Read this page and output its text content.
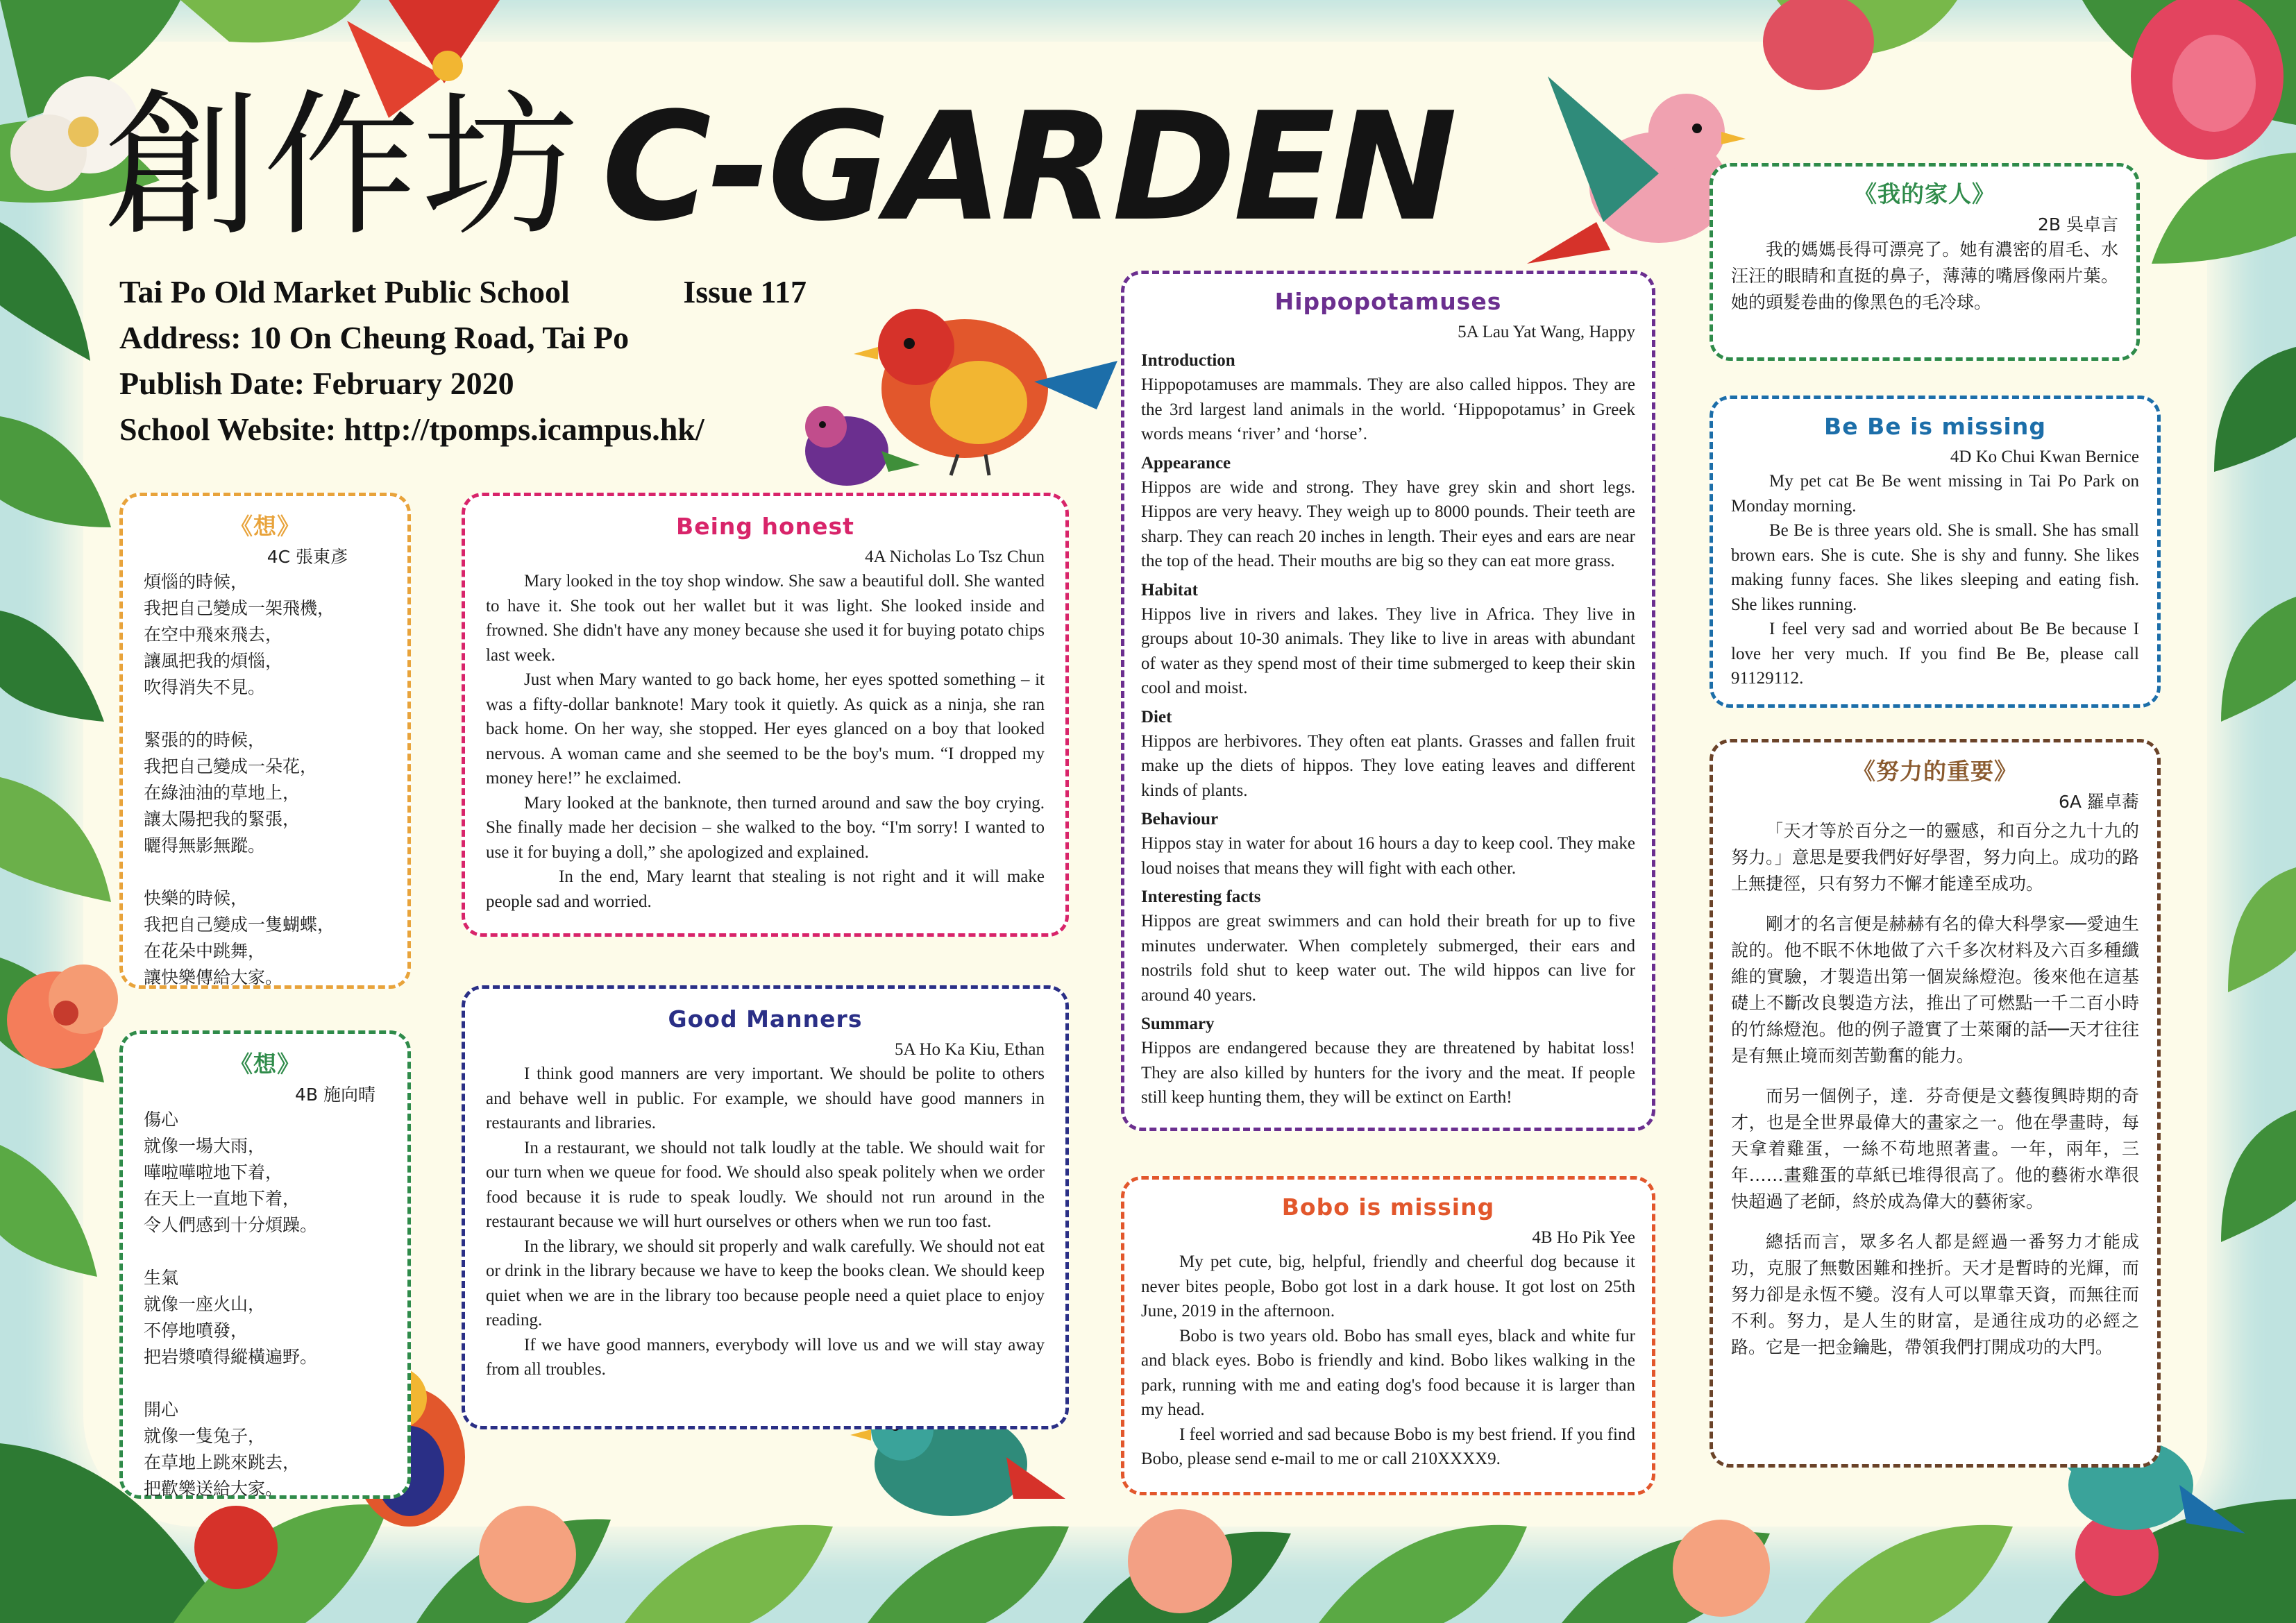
創作坊 C-GARDEN
Tai Po Old Market Public School	Issue 117
Address: 10 On Cheung Road, Tai Po
Publish Date: February 2020
School Website: http://tpomps.icampus.hk/
《想》
4C 張東彥
煩惱的時候，
我把自己變成一架飛機，
在空中飛來飛去，
讓風把我的煩惱，
吹得消失不見。
緊張的的時候，
我把自己變成一朵花，
在綠油油的草地上，
讓太陽把我的緊張，
曬得無影無蹤。
快樂的時候，
我把自己變成一隻蝴蝶，
在花朵中跳舞，
讓快樂傳給大家。
《想》
4B 施向晴
傷心
就像一場大雨，
嘩啦嘩啦地下着，
在天上一直地下着，
令人們感到十分煩躁。
生氣
就像一座火山，
不停地噴發，
把岩漿噴得縱橫遍野。
開心
就像一隻兔子，
在草地上跳來跳去，
把歡樂送給大家。
Being honest
4A Nicholas Lo Tsz Chun

Mary looked in the toy shop window. She saw a beautiful doll. She wanted to have it. She took out her wallet but it was light. She looked inside and frowned. She didn't have any money because she used it for buying potato chips last week.

Just when Mary wanted to go back home, her eyes spotted something – it was a fifty-dollar banknote! Mary took it quietly. As quick as a ninja, she ran back home. On her way, she stopped. Her eyes glanced on a boy that looked nervous. A woman came and she seemed to be the boy's mum. “I dropped my money here!” he exclaimed.

Mary looked at the banknote, then turned around and saw the boy crying. She finally made her decision – she walked to the boy. “I'm sorry! I wanted to use it for buying a doll,” she apologized and explained.

In the end, Mary learnt that stealing is not right and it will make people sad and worried.

Good Manners
5A Ho Ka Kiu, Ethan

I think good manners are very important. We should be polite to others and behave well in public. For example, we should have good manners in restaurants and libraries.

In a restaurant, we should not talk loudly at the table. We should wait for our turn when we queue for food. We should also speak politely when we order food because it is rude to speak loudly. We should not run around in the restaurant because we will hurt ourselves or others when we run too fast.

In the library, we should sit properly and walk carefully. We should not eat or drink in the library because we have to keep the books clean. We should keep quiet when we are in the library too because people need a quiet place to enjoy reading.

If we have good manners, everybody will love us and we will stay away from all troubles.

Hippopotamuses
5A Lau Yat Wang, Happy
Introduction

Hippopotamuses are mammals. They are also called hippos. They are the 3rd largest land animals in the world. ‘Hippopotamus’ in Greek words means ‘river’ and ‘horse’.

Appearance

Hippos are wide and strong. They have grey skin and short legs. Hippos are very heavy. They weigh up to 8000 pounds. Their teeth are sharp. They can reach 20 inches in length. Their eyes and ears are near the top of the head. Their mouths are big so they can eat more grass.

Habitat

Hippos live in rivers and lakes. They live in Africa. They live in groups about 10-30 animals. They like to live in areas with abundant of water as they spend most of their time submerged to keep their skin cool and moist.

Diet

Hippos are herbivores. They often eat plants. Grasses and fallen fruit make up the diets of hippos. They love eating leaves and different kinds of plants.

Behaviour

Hippos stay in water for about 16 hours a day to keep cool. They make loud noises that means they will fight with each other.

Interesting facts

Hippos are great swimmers and can hold their breath for up to five minutes underwater. When completely submerged, their ears and nostrils fold shut to keep water out. The wild hippos can live for around 40 years.

Summary

Hippos are endangered because they are threatened by habitat loss! They are also killed by hunters for the ivory and the meat. If people still keep hunting them, they will be extinct on Earth!

Bobo is missing
4B Ho Pik Yee

My pet cute, big, helpful, friendly and cheerful dog because it never bites people, Bobo got lost in a dark house. It got lost on 25th June, 2019 in the afternoon.

Bobo is two years old. Bobo has small eyes, black and white fur and black eyes. Bobo is friendly and kind. Bobo likes walking in the park, running with me and eating dog's food because it is larger than my head.

I feel worried and sad because Bobo is my best friend. If you find Bobo, please send e-mail to me or call 210XXXX9.

《我的家人》
2B 吳卓言

我的媽媽長得可漂亮了。她有濃密的眉毛、水汪汪的眼睛和直挺的鼻子，薄薄的嘴唇像兩片葉。她的頭髮卷曲的像黑色的毛冷球。

Be Be is missing
4D Ko Chui Kwan Bernice

My pet cat Be Be went missing in Tai Po Park on Monday morning.

Be Be is three years old. She is small. She has small brown ears. She is cute. She is shy and funny. She likes making funny faces. She likes sleeping and eating fish. She likes running.

I feel very sad and worried about Be Be because I love her very much. If you find Be Be, please call 91129112.

《努力的重要》
6A 羅卓蕎

「天才等於百分之一的靈感，和百分之九十九的努力。」意思是要我們好好學習，努力向上。成功的路上無捷徑，只有努力不懈才能達至成功。

剛才的名言便是赫赫有名的偉大科學家──愛迪生說的。他不眠不休地做了六千多次材料及六百多種纖維的實驗，才製造出第一個炭絲燈泡。後來他在這基礎上不斷改良製造方法，推出了可燃點一千二百小時的竹絲燈泡。他的例子證實了士萊爾的話──天才往往是有無止境而刻苦勤奮的能力。

而另一個例子，達．芬奇便是文藝復興時期的奇才，也是全世界最偉大的畫家之一。他在學畫時，每天拿着雞蛋，一絲不苟地照著畫。一年，兩年，三年……畫雞蛋的草紙已堆得很高了。他的藝術水準很快超過了老師，終於成為偉大的藝術家。

總括而言，眾多名人都是經過一番努力才能成功，克服了無數困難和挫折。天才是暫時的光輝，而努力卻是永恆不變。沒有人可以單靠天資，而無往而不利。努力，是人生的財富，是通往成功的必經之路。它是一把金鑰匙，帶領我們打開成功的大門。
